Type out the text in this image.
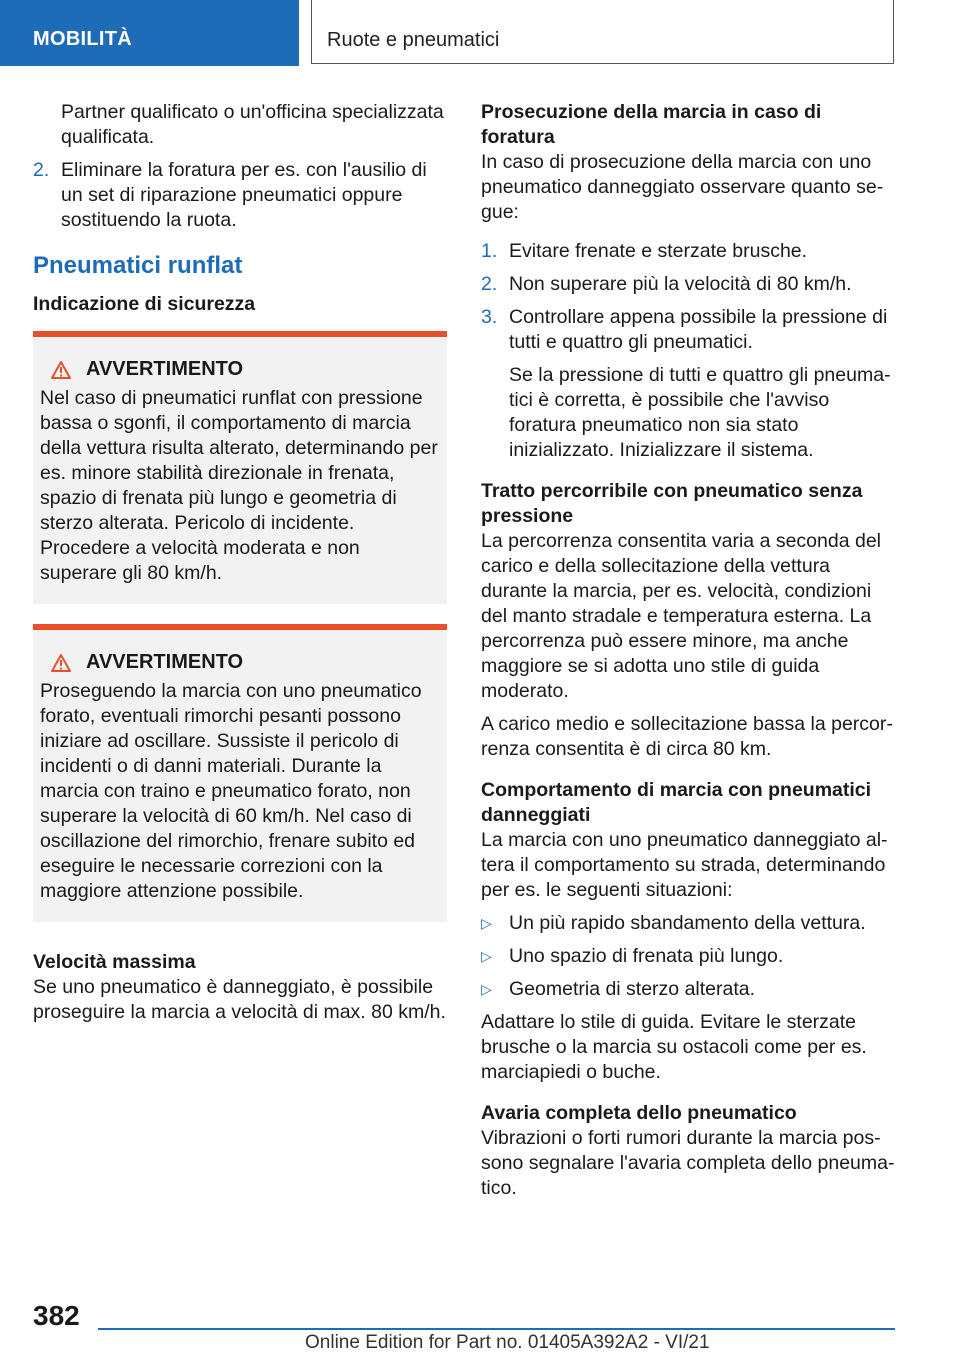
MOBILITÀ	Ruote e pneumatici

Partner qualificato o un'officina specializzata qualificata.

2. Eliminare la foratura per es. con l'ausilio di un set di riparazione pneumatici oppure sostituendo la ruota.
Pneumatici runflat
Indicazione di sicurezza
AVVERTIMENTO
Nel caso di pneumatici runflat con pressione bassa o sgonfi, il comportamento di marcia della vettura risulta alterato, determinando per es. minore stabilità direzionale in frenata, spazio di frenata più lungo e geometria di sterzo alterata. Pericolo di incidente. Procedere a velocità moderata e non superare gli 80 km/h.
AVVERTIMENTO
Proseguendo la marcia con uno pneumatico forato, eventuali rimorchi pesanti possono iniziare ad oscillare. Sussiste il pericolo di incidenti o di danni materiali. Durante la marcia con traino e pneumatico forato, non superare la velocità di 60 km/h. Nel caso di oscillazione del rimorchio, frenare subito ed eseguire le necessarie correzioni con la maggiore attenzione possibile.
Velocità massima

Se uno pneumatico è danneggiato, è possibile proseguire la marcia a velocità di max. 80 km/h.

Prosecuzione della marcia in caso di foratura

In caso di prosecuzione della marcia con uno pneumatico danneggiato osservare quanto segue:

1. Evitare frenate e sterzate brusche.
2. Non superare più la velocità di 80 km/h.
3. Controllare appena possibile la pressione di tutti e quattro gli pneumatici.

Se la pressione di tutti e quattro gli pneumatici è corretta, è possibile che l'avviso foratura pneumatico non sia stato inizializzato. Inizializzare il sistema.

Tratto percorribile con pneumatico senza pressione

La percorrenza consentita varia a seconda del carico e della sollecitazione della vettura durante la marcia, per es. velocità, condizioni del manto stradale e temperatura esterna. La percorrenza può essere minore, ma anche maggiore se si adotta uno stile di guida moderato.

A carico medio e sollecitazione bassa la percorrenza consentita è di circa 80 km.

Comportamento di marcia con pneumatici danneggiati

La marcia con uno pneumatico danneggiato altera il comportamento su strada, determinando per es. le seguenti situazioni:

▷ Un più rapido sbandamento della vettura.
▷ Uno spazio di frenata più lungo.
▷ Geometria di sterzo alterata.

Adattare lo stile di guida. Evitare le sterzate brusche o la marcia su ostacoli come per es. marciapiedi o buche.

Avaria completa dello pneumatico

Vibrazioni o forti rumori durante la marcia possono segnalare l'avaria completa dello pneumatico.

382
Online Edition for Part no. 01405A392A2 - VI/21
